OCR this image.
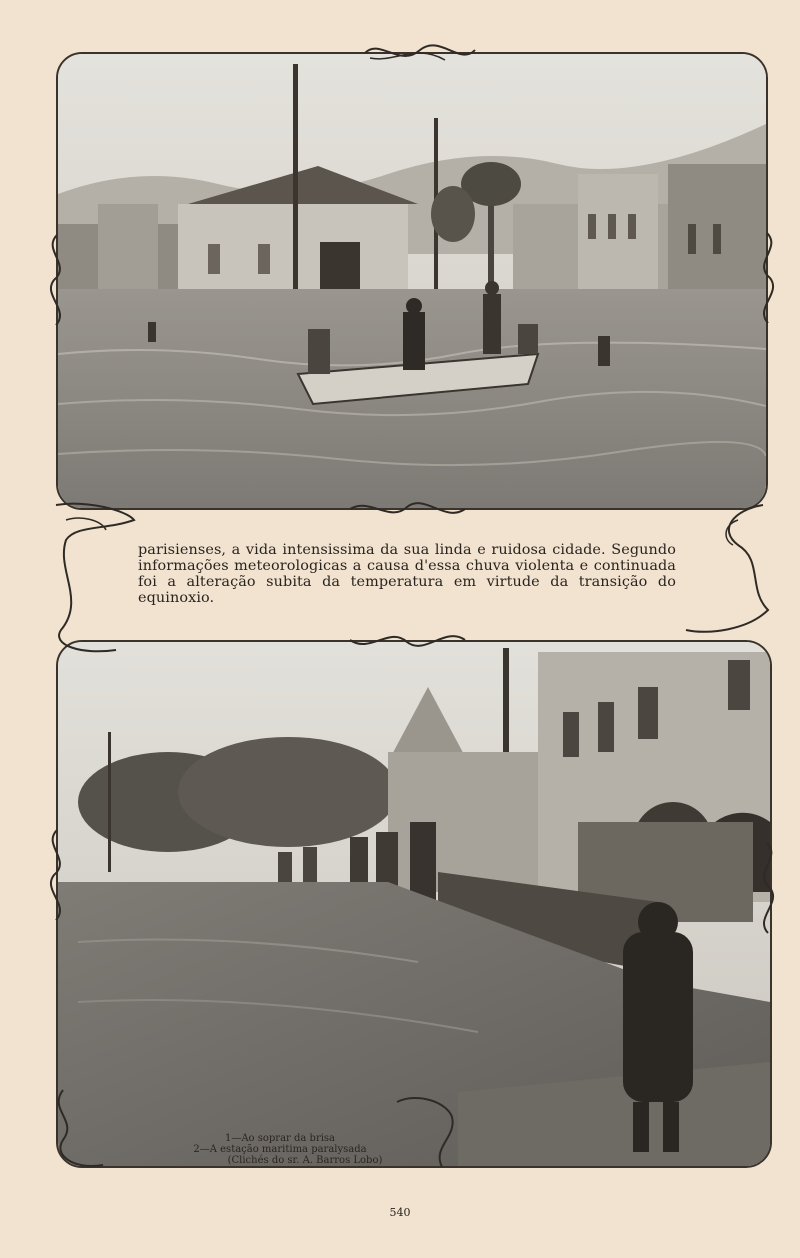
parisienses, a vida intensissima da sua linda e ruidosa cidade. Segundo informações meteorologicas a causa d'essa chuva violenta e continuada foi a alteração subita da temperatura em virtude da transição do equinoxio.

1—Ao soprar da brisa
2—A estação maritima paralysada
(Clichés do sr. A. Barros Lobo)
540
